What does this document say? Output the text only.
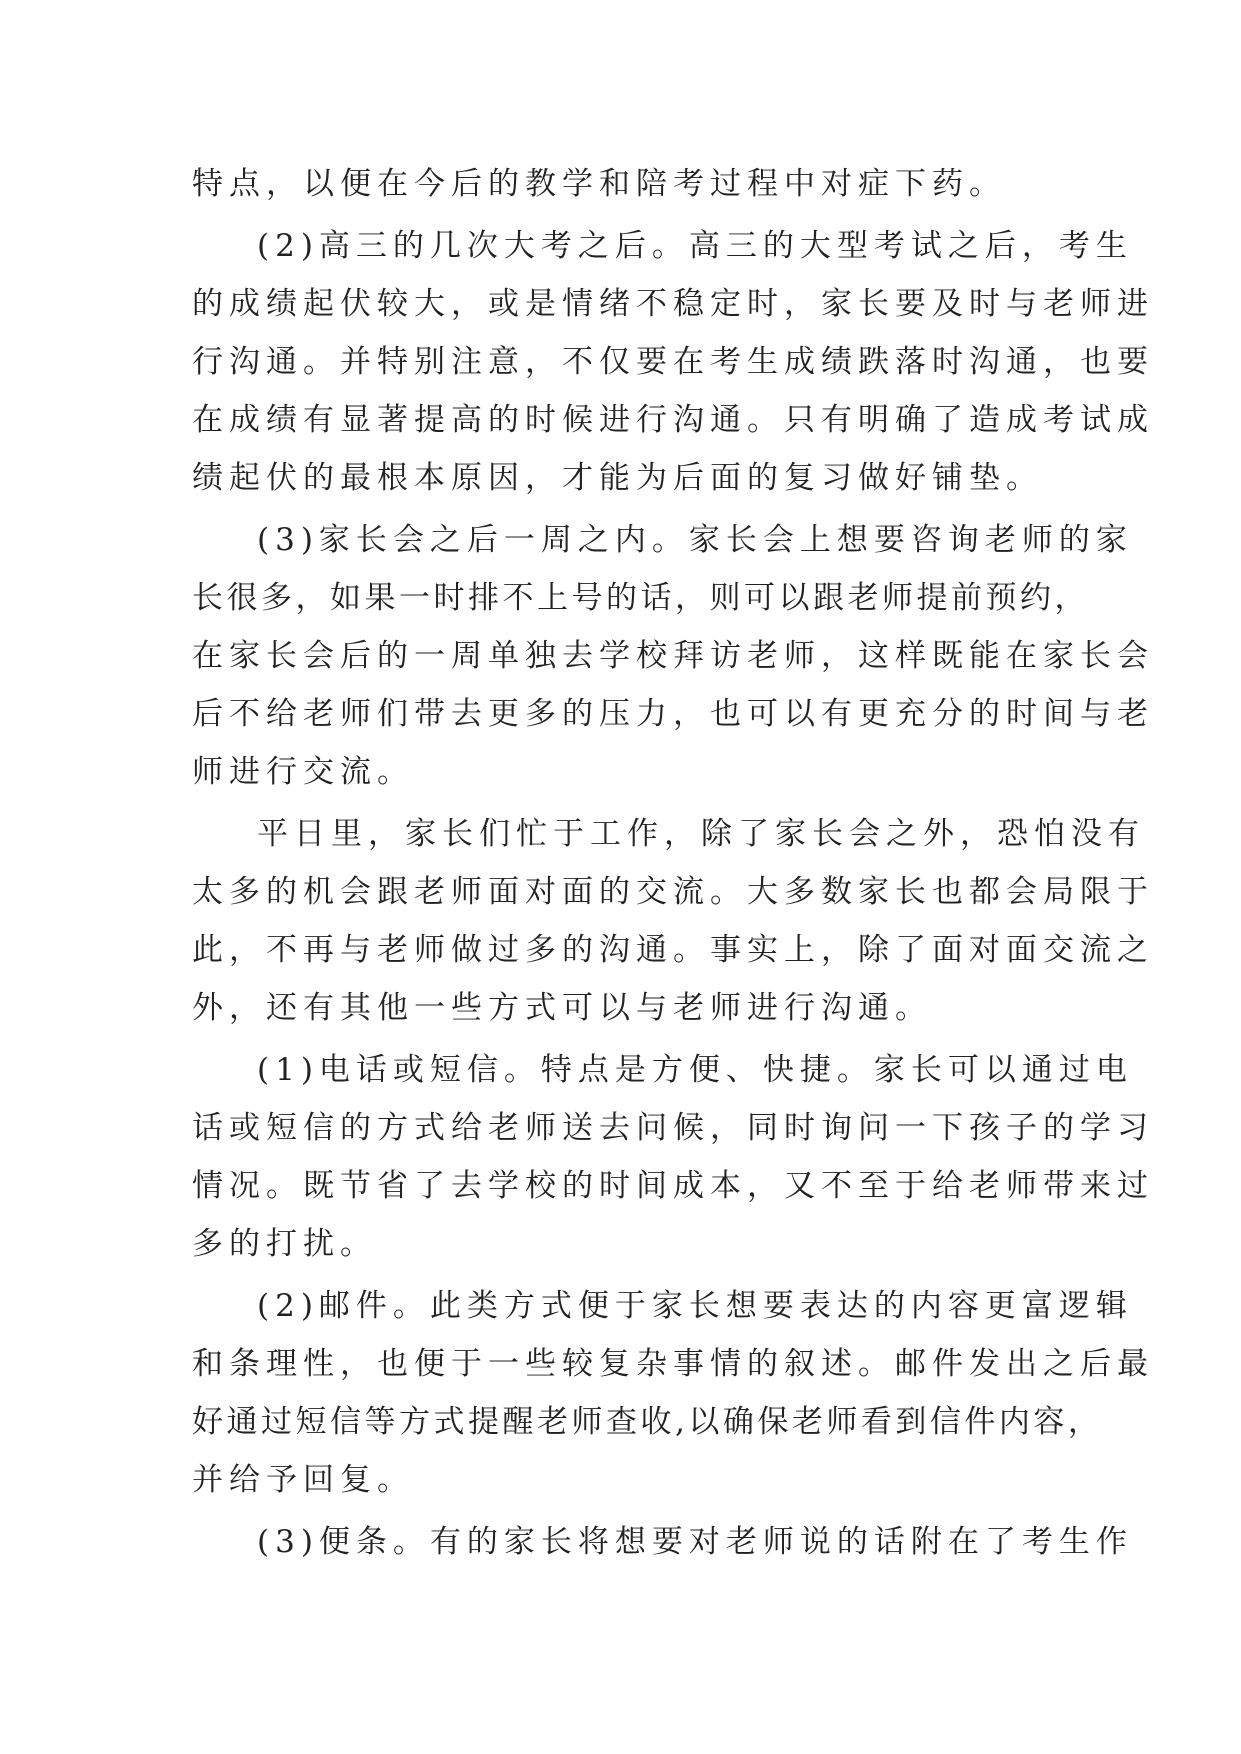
特点，以便在今后的教学和陪考过程中对症下药。
(2)高三的几次大考之后。高三的大型考试之后，考生
的成绩起伏较大，或是情绪不稳定时，家长要及时与老师进
行沟通。并特别注意，不仅要在考生成绩跌落时沟通，也要
在成绩有显著提高的时候进行沟通。只有明确了造成考试成
绩起伏的最根本原因，才能为后面的复习做好铺垫。
(3)家长会之后一周之内。家长会上想要咨询老师的家
长很多，如果一时排不上号的话，则可以跟老师提前预约，
在家长会后的一周单独去学校拜访老师，这样既能在家长会
后不给老师们带去更多的压力，也可以有更充分的时间与老
师进行交流。
平日里，家长们忙于工作，除了家长会之外，恐怕没有
太多的机会跟老师面对面的交流。大多数家长也都会局限于
此，不再与老师做过多的沟通。事实上，除了面对面交流之
外，还有其他一些方式可以与老师进行沟通。
(1)电话或短信。特点是方便、快捷。家长可以通过电
话或短信的方式给老师送去问候，同时询问一下孩子的学习
情况。既节省了去学校的时间成本，又不至于给老师带来过
多的打扰。
(2)邮件。此类方式便于家长想要表达的内容更富逻辑
和条理性，也便于一些较复杂事情的叙述。邮件发出之后最
好通过短信等方式提醒老师查收,以确保老师看到信件内容，
并给予回复。
(3)便条。有的家长将想要对老师说的话附在了考生作
